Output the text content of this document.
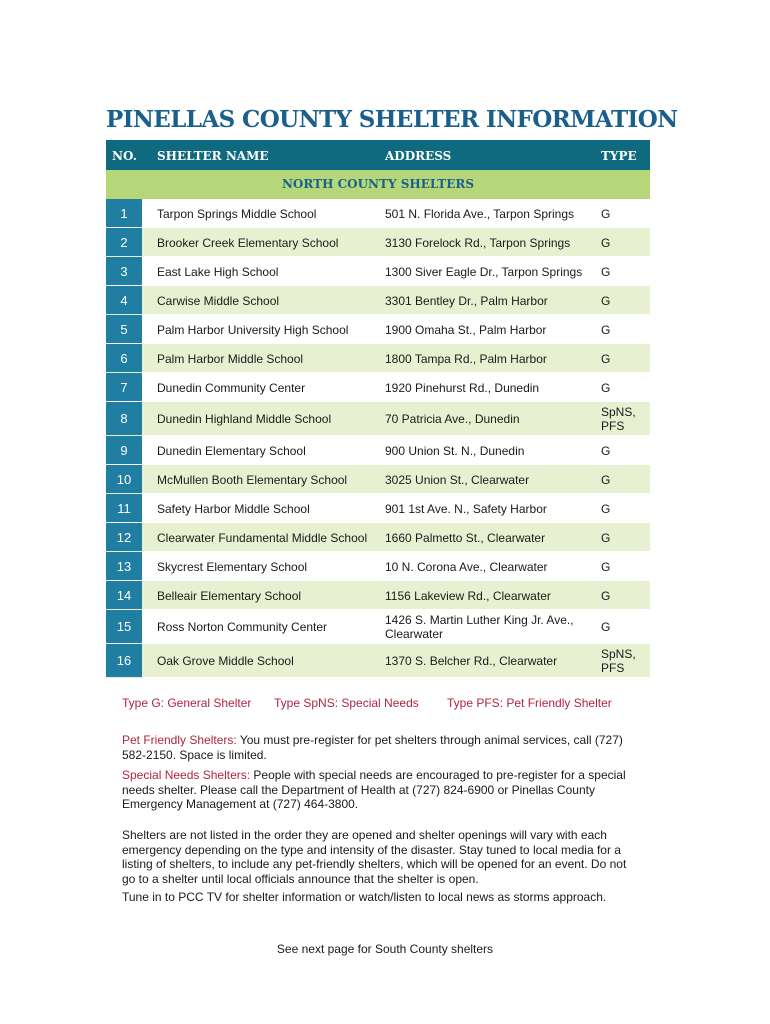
PINELLAS COUNTY SHELTER INFORMATION
NO. SHELTER NAME	ADDRESS	TYPE
NORTH COUNTY SHELTERS
1	Tarpon Springs Middle School	501 N. Florida Ave., Tarpon Springs	G
2	Brooker Creek Elementary School	3130 Forelock Rd., Tarpon Springs	G
3	East Lake High School	1300 Siver Eagle Dr., Tarpon Springs	G
4	Carwise Middle School	3301 Bentley Dr., Palm Harbor	G
5	Palm Harbor University High School	1900 Omaha St., Palm Harbor	G
6	Palm Harbor Middle School	1800 Tampa Rd., Palm Harbor	G
7	Dunedin Community Center	1920 Pinehurst Rd., Dunedin	G
8	Dunedin Highland Middle School	70 Patricia Ave., Dunedin	SpNS, PFS
9	Dunedin Elementary School	900 Union St. N., Dunedin	G
10	McMullen Booth Elementary School	3025 Union St., Clearwater	G
11	Safety Harbor Middle School	901 1st Ave. N., Safety Harbor	G
12	Clearwater Fundamental Middle School	1660 Palmetto St., Clearwater	G
13	Skycrest Elementary School	10 N. Corona Ave., Clearwater	G
14	Belleair Elementary School	1156 Lakeview Rd., Clearwater	G
15	Ross Norton Community Center	1426 S. Martin Luther King Jr. Ave., Clearwater	G
16	Oak Grove Middle School	1370 S. Belcher Rd., Clearwater	SpNS, PFS
Type G: General Shelter Type SpNS: Special Needs Type PFS: Pet Friendly Shelter

Pet Friendly Shelters: You must pre-register for pet shelters through animal services, call (727) 582-2150. Space is limited.

Special Needs Shelters: People with special needs are encouraged to pre-register for a special needs shelter. Please call the Department of Health at (727) 824-6900 or Pinellas County Emergency Management at (727) 464-3800.

Shelters are not listed in the order they are opened and shelter openings will vary with each emergency depending on the type and intensity of the disaster. Stay tuned to local media for a listing of shelters, to include any pet-friendly shelters, which will be opened for an event. Do not go to a shelter until local officials announce that the shelter is open.

Tune in to PCC TV for shelter information or watch/listen to local news as storms approach.

See next page for South County shelters
